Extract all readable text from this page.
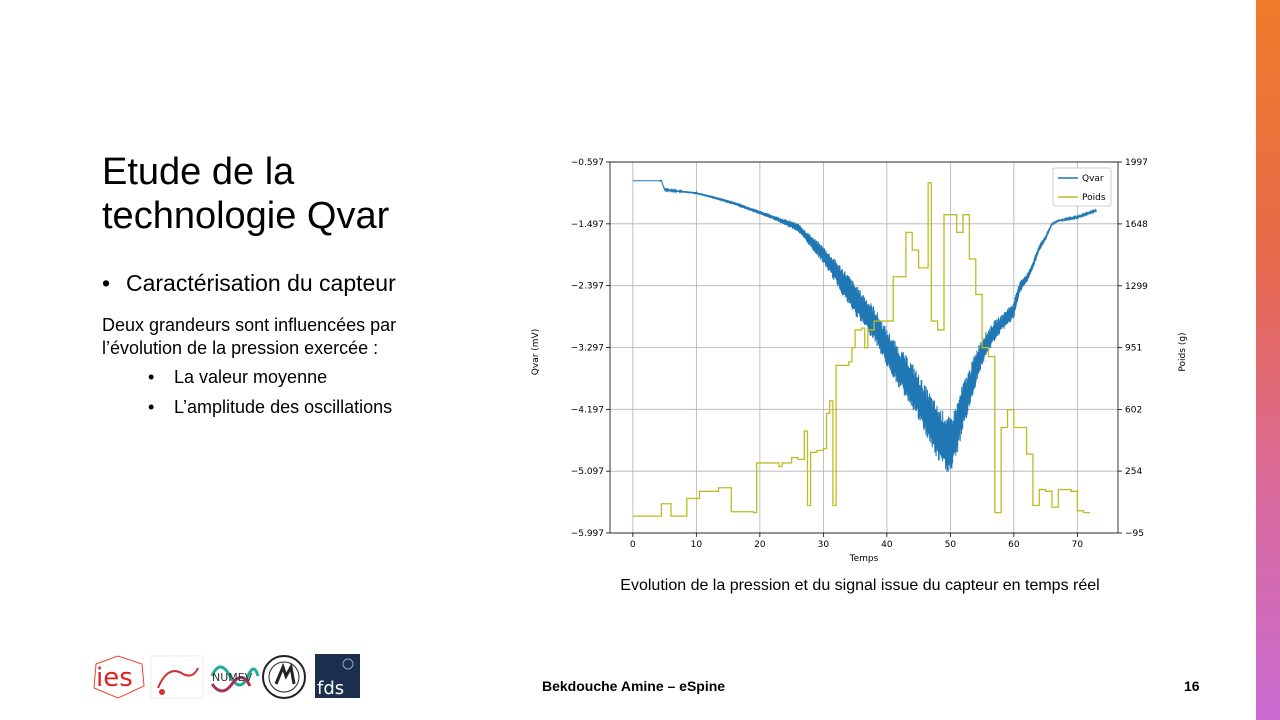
Etude de la technologie Qvar
• Caractérisation du capteur
Deux grandeurs sont influencées par l’évolution de la pression exercée :
• La valeur moyenne
• L’amplitude des oscillations
0	10	20	30	40	50	60	70
−0.597
−1.497
−2.397
−3.297
−4.197
−5.097
−5.997
1997
1648
1299
951
602
254
−95
Qvar
Poids
Temps
Qvar (mV)	Poids (g)
Evolution de la pression et du signal issue du capteur en temps réel
ies	NUMEV
fds	Bekdouche Amine – eSpine	16
